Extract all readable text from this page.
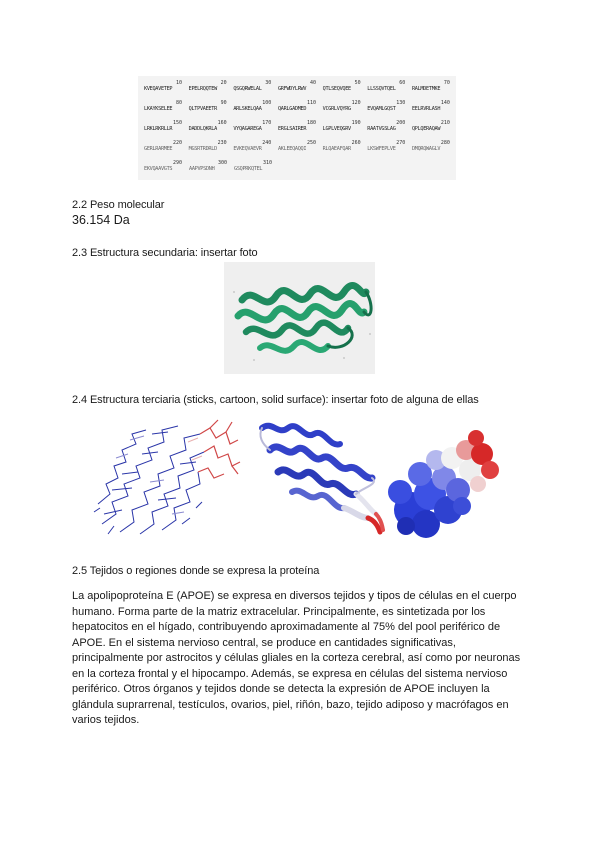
10
KVEQAVETEP
20
EPELRQQTEW
30
QSGQRWELAL
40
GRFWDYLRWV
50
QTLSEQVQEE
60
LLSSQVTQEL
70
RALMDETMKE
80
LKAYKSELEE
90
QLTPVAEETR
100
ARLSKELQAA
110
QARLGADMED
120
VCGRLVQYRG
130
EVQAMLGQST
140
EELRVRLASH
150
LRKLRKRLLR
160
DADDLQKRLA
170
VYQAGAREGA
180
ERGLSAIRER
190
LGPLVEQGRV
200
RAATVGSLAG
210
QPLQERAQAW
220
GERLRARMEE
230
MGSRTRDRLD
240
EVKEQVAEVR
250
AKLEEQAQQI
260
RLQAEAFQAR
270
LKSWFEPLVE
280
DMQRQWAGLV
290
EKVQAAVGTS
300
AAPVPSDNH
310
GSQPRKQTEL
2.2 Peso molecular
36.154 Da
2.3 Estructura secundaria: insertar foto
2.4 Estructura terciaria (sticks, cartoon, solid surface): insertar foto de alguna de ellas
2.5 Tejidos o regiones donde se expresa la proteína

La apolipoproteína E (APOE) se expresa en diversos tejidos y tipos de células en el cuerpo

humano. Forma parte de la matriz extracelular. Principalmente, es sintetizada por los

hepatocitos en el hígado, contribuyendo aproximadamente al 75% del pool periférico de

APOE. En el sistema nervioso central, se produce en cantidades significativas,

principalmente por astrocitos y células gliales en la corteza cerebral, así como por neuronas

en la corteza frontal y el hipocampo. Además, se expresa en células del sistema nervioso

periférico. Otros órganos y tejidos donde se detecta la expresión de APOE incluyen la

glándula suprarrenal, testículos, ovarios, piel, riñón, bazo, tejido adiposo y macrófagos en

varios tejidos.
